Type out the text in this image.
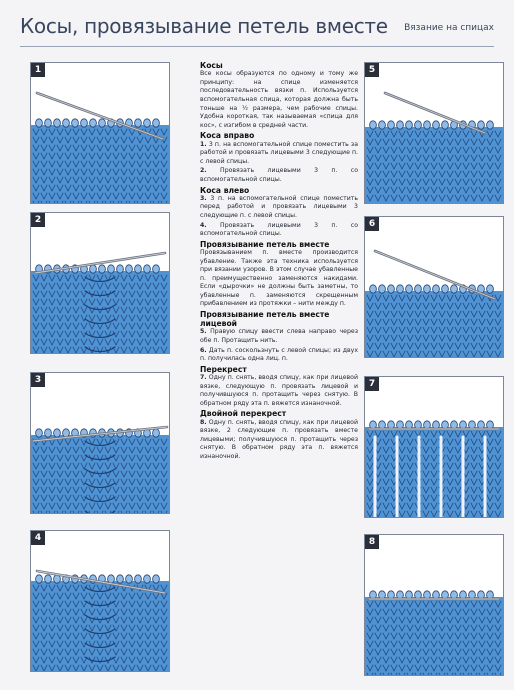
Косы, провязывание петель вместе Вязание на спицах
1
2
3
4
5
6
7
8
Косы

Все косы образуются по одному и тому же принципу: на спице изменяется последовательность вязки п. Используется вспомогательная спица, которая должна быть тоньше на ½ размера, чем рабочие спицы. Удобна короткая, так называемая «спица для кос», с изгибом в средней части.

Коса вправо

1. 3 п. на вспомогательной спице поместить за работой и провязать лицевыми 3 следующие п. с левой спицы.

2. Провязать лицевыми 3 п. со вспомогательной спицы.

Коса влево

3. 3 п. на вспомогательной спице поместить перед работой и провязать лицевыми 3 следующие п. с левой спицы.

4. Провязать лицевыми 3 п. со вспомогательной спицы.

Провязывание петель вместе

Провязыванием п. вместе производится убавление. Также эта техника используется при вязании узоров. В этом случае убавленные п. преимущественно заменяются накидами. Если «дырочки» не должны быть заметны, то убавленные п. заменяются скрещенным прибавлением из протяжки – нити между п.

Провязывание петель вместе лицевой

5. Правую спицу ввести слева направо через обе п. Протащить нить.

6. Дать п. соскользнуть с левой спицы; из двух п. получилась одна лиц. п.

Перекрест

7. Одну п. снять, вводя спицу, как при лицевой вязке, следующую п. провязать лицевой и получившуюся п. протащить через снятую. В обратном ряду эта п. вяжется изнаночной.

Двойной перекрест

8. Одну п. снять, вводя спицу, как при лицевой вязке, 2 следующие п. провязать вместе лицевыми; получившуюся п. протащить через снятую. В обратном ряду эта п. вяжется изнаночной.
